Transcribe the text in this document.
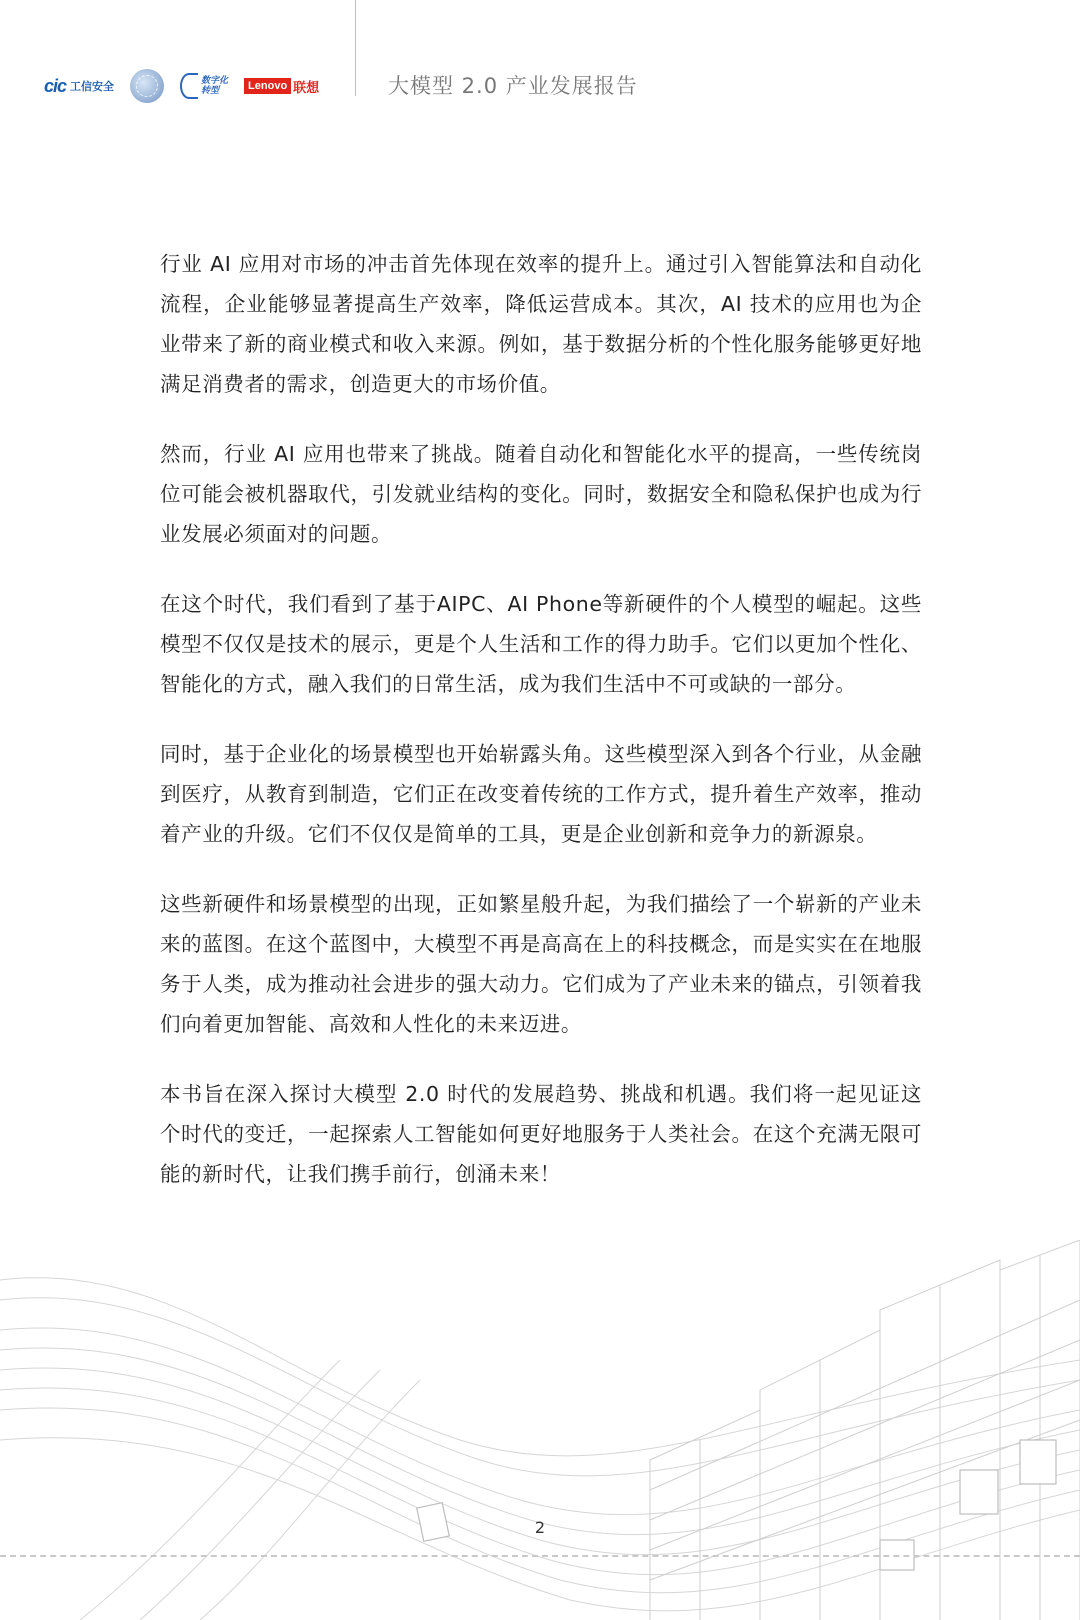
cic 工信安全	数字化
转型	Lenovo 联想	大模型 2.0 产业发展报告

行业 AI 应用对市场的冲击首先体现在效率的提升上。通过引入智能算法和自动化流程，企业能够显著提高生产效率，降低运营成本。其次，AI 技术的应用也为企业带来了新的商业模式和收入来源。例如，基于数据分析的个性化服务能够更好地满足消费者的需求，创造更大的市场价值。

然而，行业 AI 应用也带来了挑战。随着自动化和智能化水平的提高，一些传统岗位可能会被机器取代，引发就业结构的变化。同时，数据安全和隐私保护也成为行业发展必须面对的问题。

在这个时代，我们看到了基于AIPC、AI Phone等新硬件的个人模型的崛起。这些模型不仅仅是技术的展示，更是个人生活和工作的得力助手。它们以更加个性化、智能化的方式，融入我们的日常生活，成为我们生活中不可或缺的一部分。

同时，基于企业化的场景模型也开始崭露头角。这些模型深入到各个行业，从金融到医疗，从教育到制造，它们正在改变着传统的工作方式，提升着生产效率，推动着产业的升级。它们不仅仅是简单的工具，更是企业创新和竞争力的新源泉。

这些新硬件和场景模型的出现，正如繁星般升起，为我们描绘了一个崭新的产业未来的蓝图。在这个蓝图中，大模型不再是高高在上的科技概念，而是实实在在地服务于人类，成为推动社会进步的强大动力。它们成为了产业未来的锚点，引领着我们向着更加智能、高效和人性化的未来迈进。

本书旨在深入探讨大模型 2.0 时代的发展趋势、挑战和机遇。我们将一起见证这个时代的变迁，一起探索人工智能如何更好地服务于人类社会。在这个充满无限可能的新时代，让我们携手前行，创涌未来！

2
